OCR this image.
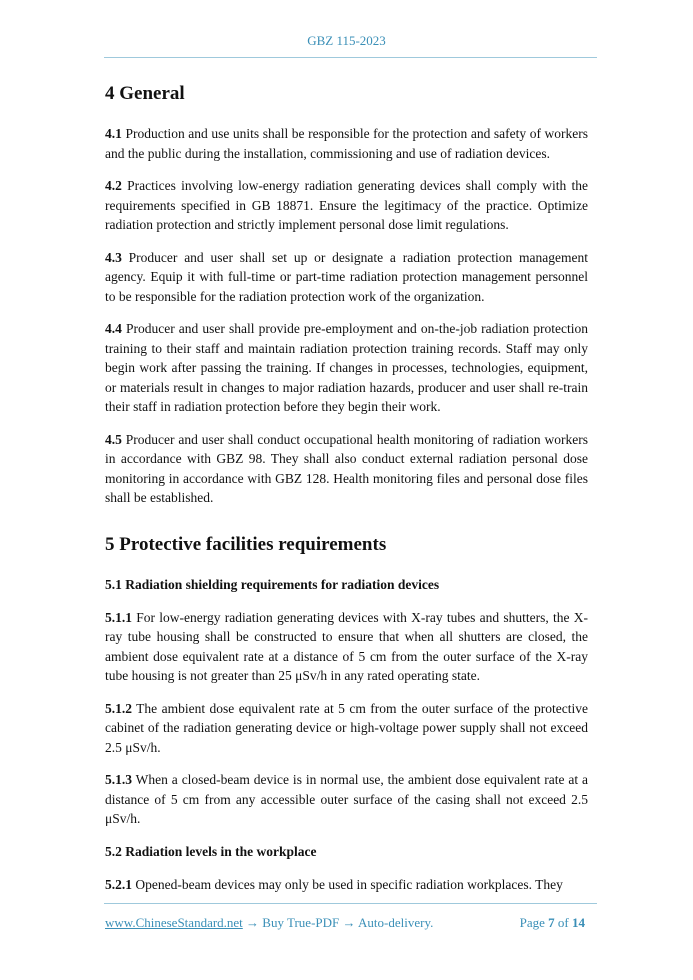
GBZ 115-2023
4 General

4.1 Production and use units shall be responsible for the protection and safety of workers and the public during the installation, commissioning and use of radiation devices.

4.2 Practices involving low-energy radiation generating devices shall comply with the requirements specified in GB 18871. Ensure the legitimacy of the practice. Optimize radiation protection and strictly implement personal dose limit regulations.

4.3 Producer and user shall set up or designate a radiation protection management agency. Equip it with full-time or part-time radiation protection management personnel to be responsible for the radiation protection work of the organization.

4.4 Producer and user shall provide pre-employment and on-the-job radiation protection training to their staff and maintain radiation protection training records. Staff may only begin work after passing the training. If changes in processes, technologies, equipment, or materials result in changes to major radiation hazards, producer and user shall re-train their staff in radiation protection before they begin their work.

4.5 Producer and user shall conduct occupational health monitoring of radiation workers in accordance with GBZ 98. They shall also conduct external radiation personal dose monitoring in accordance with GBZ 128. Health monitoring files and personal dose files shall be established.

5 Protective facilities requirements
5.1 Radiation shielding requirements for radiation devices

5.1.1 For low-energy radiation generating devices with X-ray tubes and shutters, the X-ray tube housing shall be constructed to ensure that when all shutters are closed, the ambient dose equivalent rate at a distance of 5 cm from the outer surface of the X-ray tube housing is not greater than 25 μSv/h in any rated operating state.

5.1.2 The ambient dose equivalent rate at 5 cm from the outer surface of the protective cabinet of the radiation generating device or high-voltage power supply shall not exceed 2.5 μSv/h.

5.1.3 When a closed-beam device is in normal use, the ambient dose equivalent rate at a distance of 5 cm from any accessible outer surface of the casing shall not exceed 2.5 μSv/h.

5.2 Radiation levels in the workplace

5.2.1 Opened-beam devices may only be used in specific radiation workplaces. They

www.ChineseStandard.net → Buy True-PDF → Auto-delivery.	Page 7 of 14
